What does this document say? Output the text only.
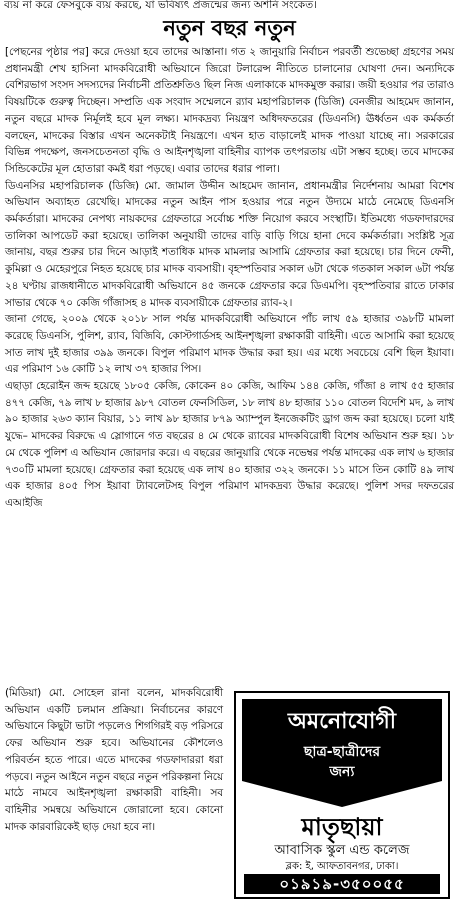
ব্যয় না করে ফেসবুকে ব্যয় করছে, যা ভবিষ্যৎ প্রজন্মের জন্য অশনি সংকেত।
নতুন বছর নতুন

[পেছনের পৃষ্ঠার পর] করে দেওয়া হবে তাদের আস্তানা। গত ২ জানুয়ারি নির্বাচন পরবর্তী শুভেচ্ছা গ্রহণের সময় প্রধানমন্ত্রী শেখ হাসিনা মাদকবিরোধী অভিযানে জিরো টলারেন্স নীতিতে চালানোর ঘোষণা দেন। অন্যদিকে বেশিরভাগ সংসদ সদস্যদের নির্বাচনী প্রতিশ্রুতিও ছিল নিজ এলাকাকে মাদকমুক্ত করার। জয়ী হওয়ার পর তারাও বিষয়টিকে গুরুত্ব দিচ্ছেন। সম্প্রতি এক সংবাদ সম্মেলনে র‍্যাব মহাপরিচালক (ডিজি) বেনজীর আহমেদ জানান, নতুন বছরে মাদক নির্মূলই হবে মূল লক্ষ্য। মাদকদ্রব্য নিয়ন্ত্রণ অধিদফতরের (ডিএনসি) ঊর্ধ্বতন এক কর্মকর্তা বলছেন, মাদকের বিস্তার এখন অনেকটাই নিয়ন্ত্রণে। এখন হাত বাড়ালেই মাদক পাওয়া যাচ্ছে না। সরকারের বিভিন্ন পদক্ষেপ, জনসচেতনতা বৃদ্ধি ও আইনশৃঙ্খলা বাহিনীর ব্যাপক তৎপরতায় এটা সম্ভব হচ্ছে। তবে মাদকের সিন্ডিকেটের মূল হোতারা কমই ধরা পড়ছে। এবার তাদের ধরার পালা।

ডিএনসির মহাপরিচালক (ডিজি) মো. জামাল উদ্দীন আহমেদ জানান, প্রধানমন্ত্রীর নির্দেশনায় আমরা বিশেষ অভিযান অব্যাহত রেখেছি। মাদকের নতুন আইন পাস হওয়ার পরে নতুন উদ্যমে মাঠে নেমেছে ডিএনসি কর্মকর্তারা। মাদকের নেপথ্য নায়কদের গ্রেফতারে সর্বোচ্চ শক্তি নিয়োগ করবে সংস্থাটি। ইতিমধ্যে গডফাদারদের তালিকা আপডেট করা হয়েছে। তালিকা অনুযায়ী তাদের বাড়ি বাড়ি গিয়ে হানা দেবে কর্মকর্তারা। সংশ্লিষ্ট সূত্র জানায়, বছর শুরুর চার দিনে আড়াই শতাধিক মাদক মামলার আসামি গ্রেফতার করা হয়েছে। চার দিনে ফেনী, কুমিল্লা ও মেহেরপুরে নিহত হয়েছে চার মাদক ব্যবসায়ী। বৃহস্পতিবার সকাল ৬টা থেকে গতকাল সকাল ৬টা পর্যন্ত ২৪ ঘণ্টায় রাজধানীতে মাদকবিরোধী অভিযানে ৪৫ জনকে গ্রেফতার করে ডিএমপি। বৃহস্পতিবার রাতে ঢাকার সাভার থেকে ৭০ কেজি গাঁজাসহ ৪ মাদক ব্যবসায়ীকে গ্রেফতার র‍্যাব-২।

জানা গেছে, ২০০৯ থেকে ২০১৮ সাল পর্যন্ত মাদকবিরোধী অভিযানে পাঁচ লাখ ৫৯ হাজার ৩৯৮টি মামলা করেছে ডিএনসি, পুলিশ, র‍্যাব, বিজিবি, কোস্টগার্ডসহ আইনশৃঙ্খলা রক্ষাকারী বাহিনী। এতে আসামি করা হয়েছে সাত লাখ দুই হাজার ৩৯৯ জনকে। বিপুল পরিমাণ মাদক উদ্ধার করা হয়। এর মধ্যে সবচেয়ে বেশি ছিল ইয়াবা। এর পরিমাণ ১৬ কোটি ১২ লাখ ৩৭ হাজার পিস।

এছাড়া হেরোইন জব্দ হয়েছে ১৮০৫ কেজি, কোকেন ৪০ কেজি, আফিম ১৪৪ কেজি, গাঁজা ৪ লাখ ৫৫ হাজার ৪৭৭ কেজি, ৭৯ লাখ ৮ হাজার ৯৮৭ বোতল ফেনসিডিল, ১৮ লাখ ৪৮ হাজার ১১০ বোতল বিদেশি মদ, ৯ লাখ ৯০ হাজার ২৬৩ ক্যান বিয়ার, ১১ লাখ ৯৮ হাজার ৮৭৯ অ্যাম্পুল ইনজেকটিং ড্রাগ জব্দ করা হয়েছে। চলো যাই যুদ্ধে– মাদকের বিরুদ্ধে এ স্লোগানে গত বছরের ৪ মে থেকে র‍্যাবের মাদকবিরোধী বিশেষ অভিযান শুরু হয়। ১৮ মে থেকে পুলিশ এ অভিযান জোরদার করে। এ বছরের জানুয়ারি থেকে নভেম্বর পর্যন্ত মাদকের এক লাখ ৬ হাজার ৭৩০টি মামলা হয়েছে। গ্রেফতার করা হয়েছে এক লাখ ৪০ হাজার ৩২২ জনকে। ১১ মাসে তিন কোটি ৪৯ লাখ এক হাজার ৪০৫ পিস ইয়াবা ট্যাবলেটসহ বিপুল পরিমাণ মাদকদ্রব্য উদ্ধার করেছে। পুলিশ সদর দফতরের এআইজি

(মিডিয়া) মো. সোহেল রানা বলেন, মাদকবিরোধী অভিযান একটি চলমান প্রক্রিয়া। নির্বাচনের কারণে অভিযানে কিছুটা ভাটা পড়লেও শিগগিরই বড় পরিসরে ফের অভিযান শুরু হবে। অভিযানের কৌশলেও পরিবর্তন হতে পারে। এতে মাদকের গডফাদাররা ধরা পড়বে। নতুন আইনে নতুন বছরে নতুন পরিকল্পনা নিয়ে মাঠে নামবে আইনশৃঙ্খলা রক্ষাকারী বাহিনী। সব বাহিনীর সমন্বয়ে অভিযানে জোরালো হবে। কোনো মাদক কারবারিকেই ছাড় দেয়া হবে না।

অমনোযোগী
ছাত্র-ছাত্রীদের
জন্য
মাতৃছায়া
আবাসিক স্কুল এন্ড কলেজ
ব্লক: ই, আফতাবনগর, ঢাকা।
০১৯১৯-৩৫০০৫৫
